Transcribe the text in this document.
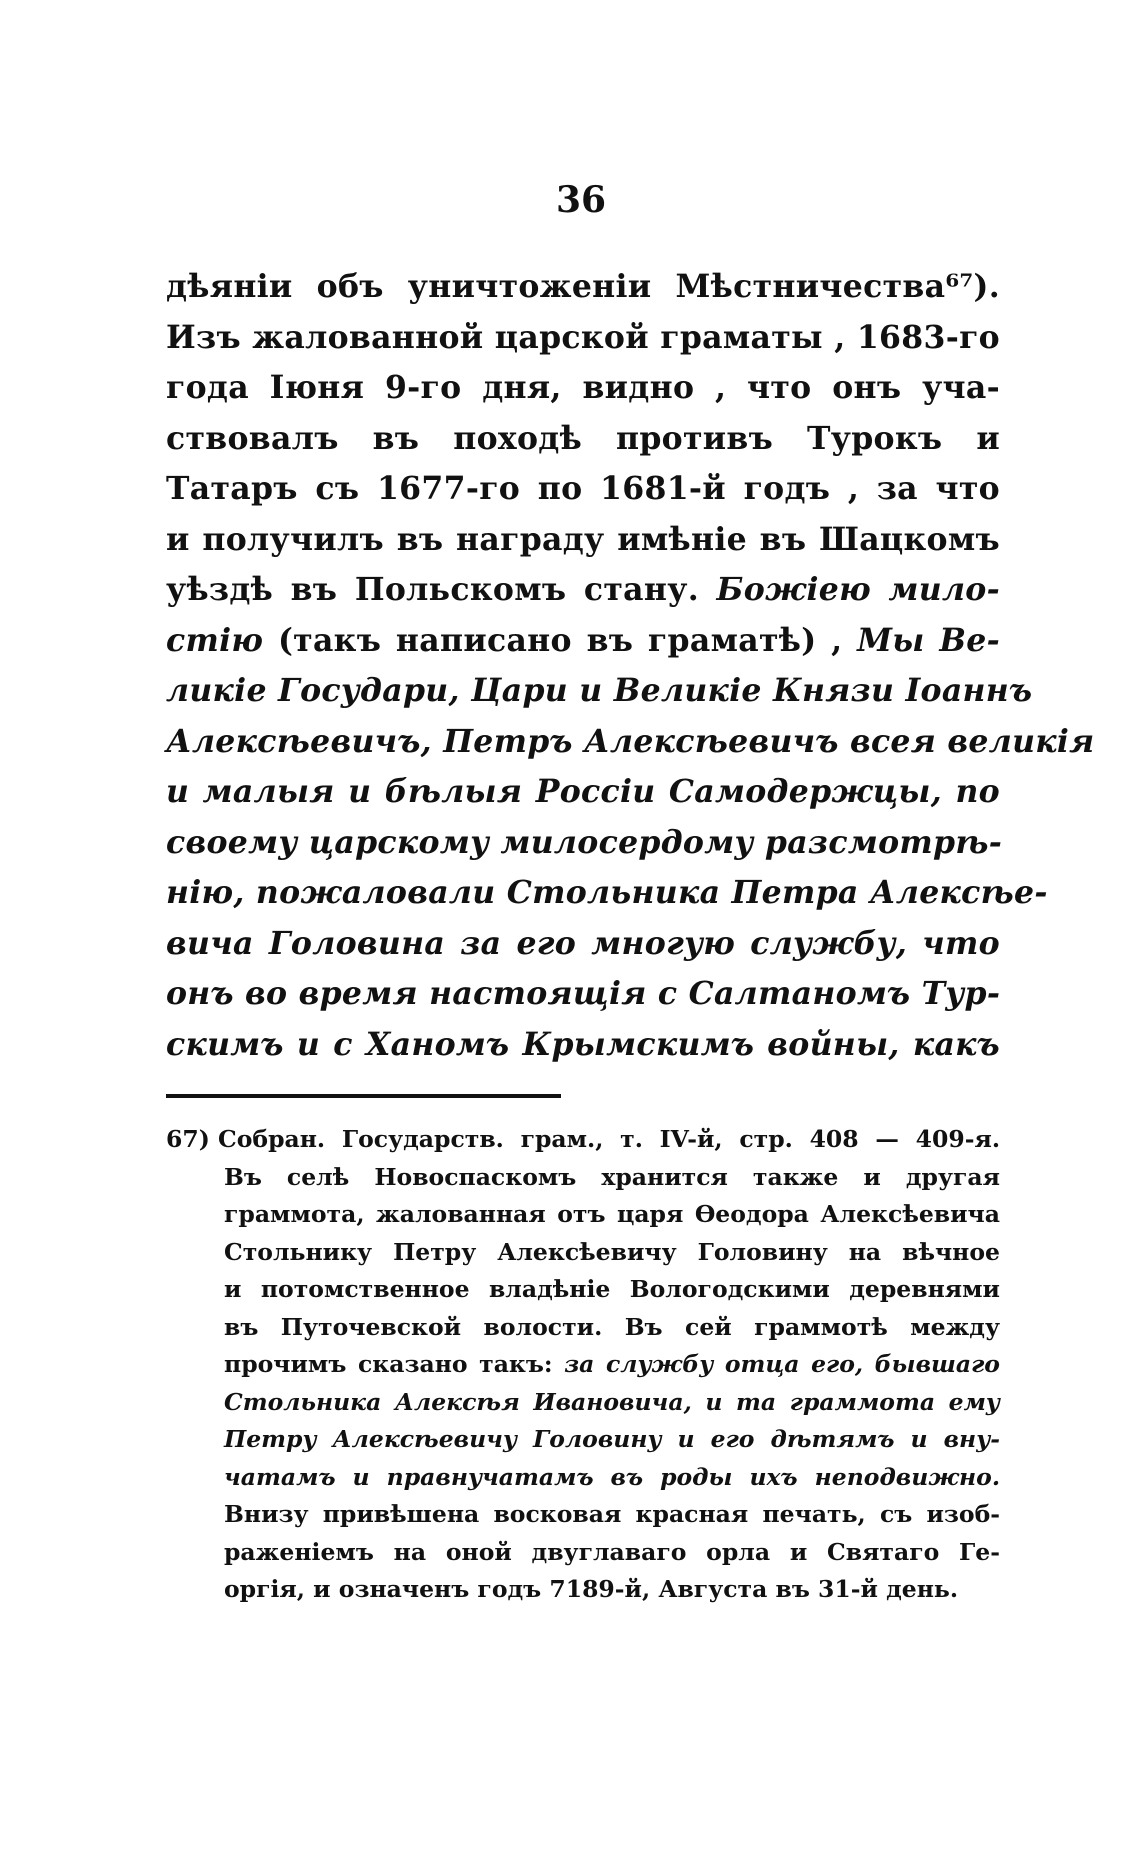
36
дѣяніи объ уничтоженіи Мѣстничества⁶⁷).
Изъ жалованной царской граматы , 1683-го
года Іюня 9-го дня, видно , что онъ уча-
ствовалъ въ походѣ противъ Турокъ и
Татаръ съ 1677-го по 1681-й годъ , за что
и получилъ въ награду имѣніе въ Шацкомъ
уѣздѣ въ Польскомъ стану. Божіею мило-
стію (такъ написано въ граматѣ) , Мы Ве-
ликіе Государи, Цари и Великіе Князи Іоаннъ
Алексѣевичъ, Петръ Алексѣевичъ всея великія
и малыя и бѣлыя Россіи Самодержцы, по
своему царскому милосердому разсмотрѣ-
нію, пожаловали Стольника Петра Алексѣе-
вича Головина за его многую службу, что
онъ во время настоящія с Салтаномъ Тур-
скимъ и с Ханомъ Крымскимъ войны, какъ
67) Собран. Государств. грам., т. IV-й, стр. 408 — 409-я.
Въ селѣ Новоспаскомъ хранится также и другая
граммота, жалованная отъ царя Ѳеодора Алексѣевича
Стольнику Петру Алексѣевичу Головину на вѣчное
и потомственное владѣніе Вологодскими деревнями
въ Путочевской волости. Въ сей граммотѣ между
прочимъ сказано такъ: за службу отца его, бывшаго
Стольника Алексѣя Ивановича, и та граммота ему
Петру Алексѣевичу Головину и его дѣтямъ и вну-
чатамъ и правнучатамъ въ роды ихъ неподвижно.
Внизу привѣшена восковая красная печать, съ изоб-
раженіемъ на оной двуглаваго орла и Святаго Ге-
оргія, и означенъ годъ 7189-й, Августа въ 31-й день.
